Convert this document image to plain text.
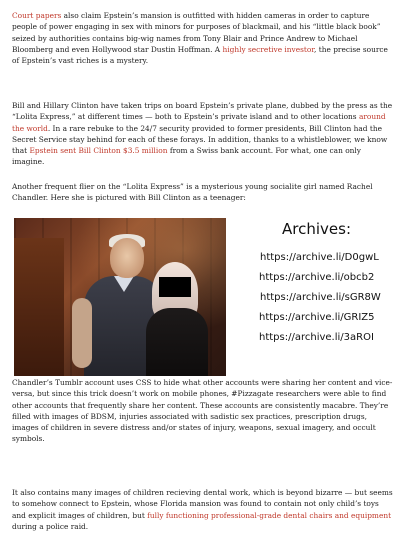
Court papers also claim Epstein’s mansion is outfitted with hidden cameras in order to capture people of power engaging in sex with minors for purposes of blackmail, and his “little black book” seized by authorities contains big-wig names from Tony Blair and Prince Andrew to Michael Bloomberg and even Hollywood star Dustin Hoffman. A highly secretive investor, the precise source of Epstein’s vast riches is a mystery.

Bill and Hillary Clinton have taken trips on board Epstein’s private plane, dubbed by the press as the “Lolita Express,” at different times — both to Epstein’s private island and to other locations around the world. In a rare rebuke to the 24/7 security provided to former presidents, Bill Clinton had the Secret Service stay behind for each of these forays. In addition, thanks to a whistleblower, we know that Epstein sent Bill Clinton $3.5 million from a Swiss bank account. For what, one can only imagine.

Another frequent flier on the “Lolita Express” is a mysterious young socialite girl named Rachel Chandler. Here she is pictured with Bill Clinton as a teenager:

Archives:
https://archive.li/D0gwL
https://archive.li/obcb2
https://archive.li/sGR8W
https://archive.li/GRIZ5
https://archive.li/3aROI

Chandler’s Tumblr account uses CSS to hide what other accounts were sharing her content and vice-versa, but since this trick doesn’t work on mobile phones, #Pizzagate researchers were able to find other accounts that frequently share her content. These accounts are consistently macabre. They’re filled with images of BDSM, injuries associated with sadistic sex practices, prescription drugs, images of children in severe distress and/or states of injury, weapons, sexual imagery, and occult symbols.

It also contains many images of children recieving dental work, which is beyond bizarre — but seems to somehow connect to Epstein, whose Florida mansion was found to contain not only child’s toys and explicit images of children, but fully functioning professional-grade dental chairs and equipment during a police raid.
